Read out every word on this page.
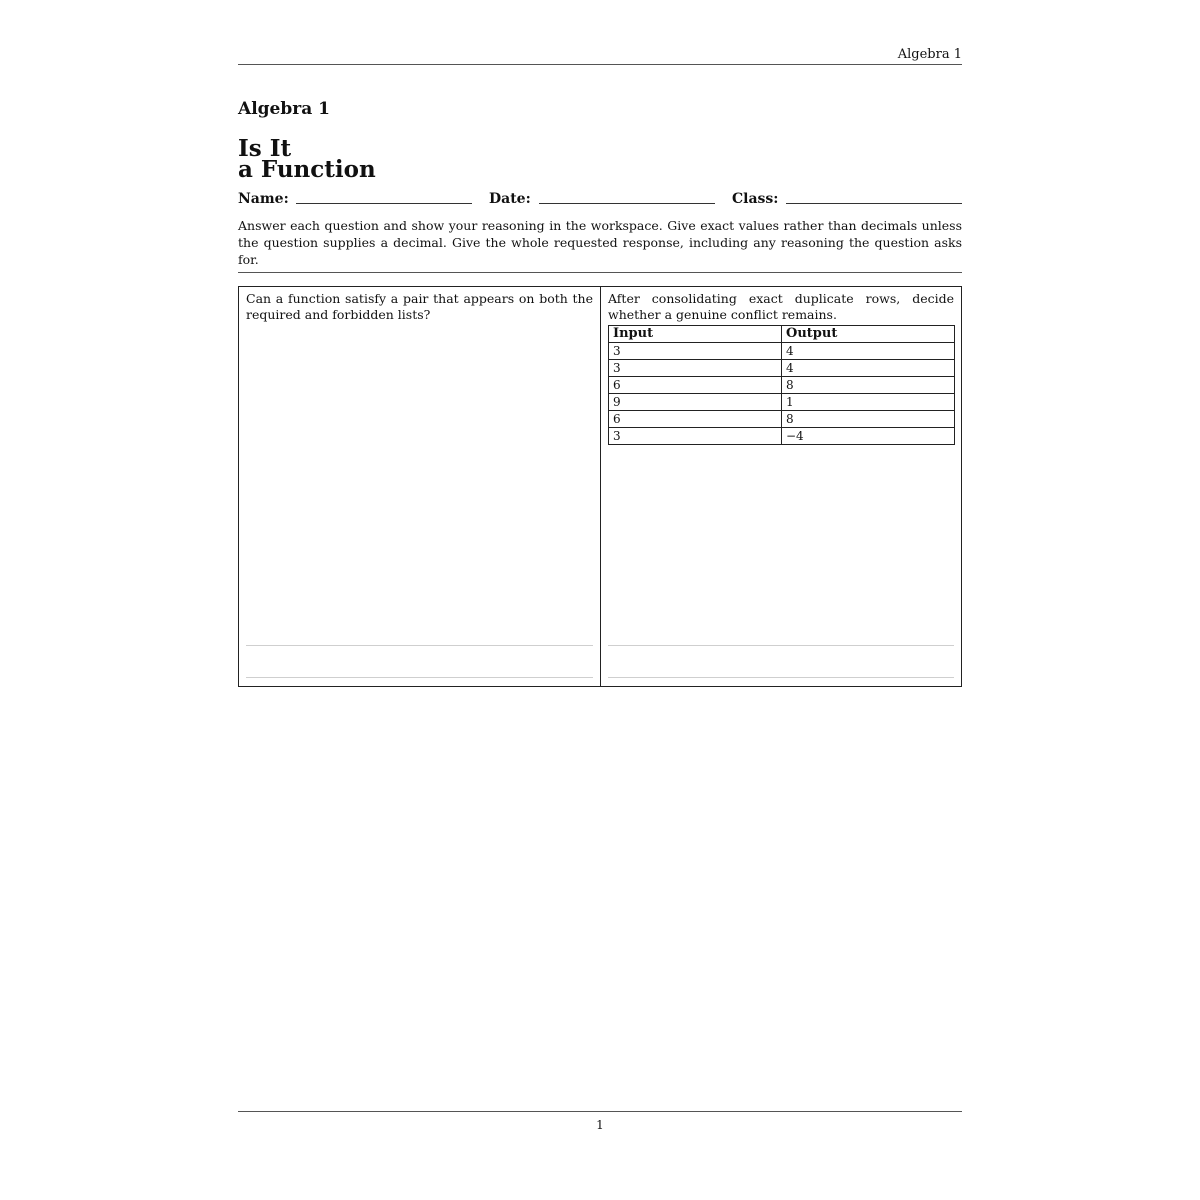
Algebra 1
Algebra 1
Is It
a Function
Name:	Date:	Class:
Answer each question and show your reasoning in the workspace. Give exact values rather than decimals unless the question supplies a decimal. Give the whole requested response, including any reasoning the question asks for.
Can a function satisfy a pair that appears on both the required and forbidden lists?
After consolidating exact duplicate rows, decide whether a genuine conflict remains.
Input	Output
3	4
3	4
6	8
9	1
6	8
3	−4
1
